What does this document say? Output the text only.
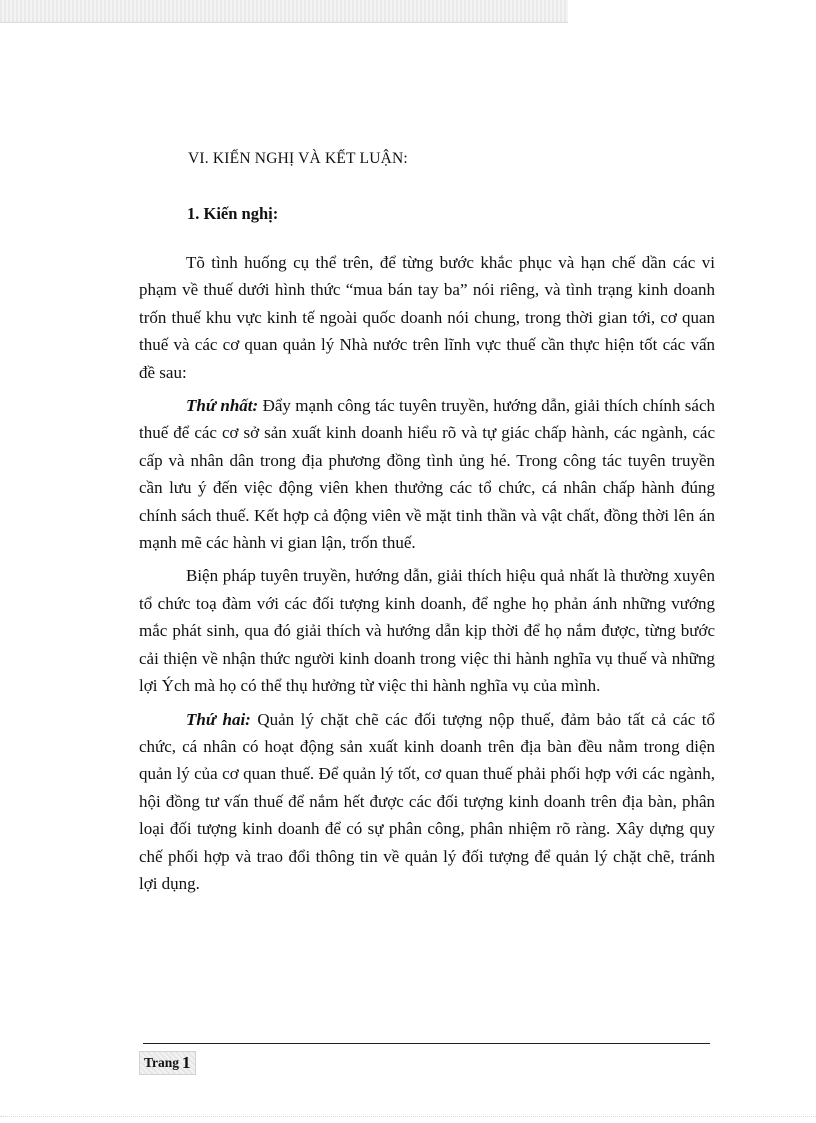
VI. KIẾN NGHỊ VÀ KẾT LUẬN:

1. Kiến nghị:

Tõ tình huống cụ thể trên, để từng bước khắc phục và hạn chế dần các vi phạm về thuế dưới hình thức “mua bán tay ba” nói riêng, và tình trạng kinh doanh trốn thuế khu vực kinh tế ngoài quốc doanh nói chung, trong thời gian tới, cơ quan thuế và các cơ quan quản lý Nhà nước trên lĩnh vực thuế cần thực hiện tốt các vấn đề sau:

Thứ nhất: Đẩy mạnh công tác tuyên truyền, hướng dẫn, giải thích chính sách thuế để các cơ sở sản xuất kinh doanh hiểu rõ và tự giác chấp hành, các ngành, các cấp và nhân dân trong địa phương đồng tình ủng hé. Trong công tác tuyên truyền cần lưu ý đến việc động viên khen thưởng các tổ chức, cá nhân chấp hành đúng chính sách thuế. Kết hợp cả động viên về mặt tinh thần và vật chất, đồng thời lên án mạnh mẽ các hành vi gian lận, trốn thuế.

Biện pháp tuyên truyền, hướng dẫn, giải thích hiệu quả nhất là thường xuyên tổ chức toạ đàm với các đối tượng kinh doanh, để nghe họ phản ánh những vướng mắc phát sinh, qua đó giải thích và hướng dẫn kịp thời để họ nắm được, từng bước cải thiện về nhận thức người kinh doanh trong việc thi hành nghĩa vụ thuế và những lợi Ých mà họ có thể thụ hưởng từ việc thi hành nghĩa vụ của mình.

Thứ hai: Quản lý chặt chẽ các đối tượng nộp thuế, đảm bảo tất cả các tổ chức, cá nhân có hoạt động sản xuất kinh doanh trên địa bàn đều nằm trong diện quản lý của cơ quan thuế. Để quản lý tốt, cơ quan thuế phải phối hợp với các ngành, hội đồng tư vấn thuế để nắm hết được các đối tượng kinh doanh trên địa bàn, phân loại đối tượng kinh doanh để có sự phân công, phân nhiệm rõ ràng. Xây dựng quy chế phối hợp và trao đổi thông tin về quản lý đối tượng để quản lý chặt chẽ, tránh lợi dụng.

Trang 1
